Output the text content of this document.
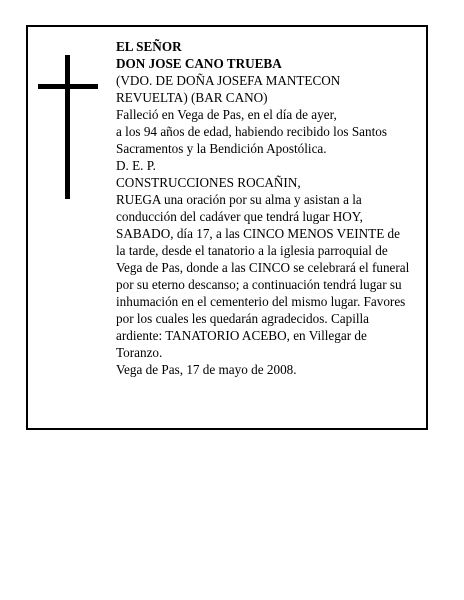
EL SEÑOR
DON JOSE CANO TRUEBA
(VDO. DE DOÑA JOSEFA MANTECON
REVUELTA) (BAR CANO)
Falleció en Vega de Pas, en el día de ayer,
a los 94 años de edad, habiendo recibido los Santos
Sacramentos y la Bendición Apostólica.
D. E. P.
CONSTRUCCIONES ROCAÑIN,
RUEGA una oración por su alma y asistan a la
conducción del cadáver que tendrá lugar HOY,
SABADO, día 17, a las CINCO MENOS VEINTE de
la tarde, desde el tanatorio a la iglesia parroquial de
Vega de Pas, donde a las CINCO se celebrará el funeral
por su eterno descanso; a continuación tendrá lugar su
inhumación en el cementerio del mismo lugar. Favores
por los cuales les quedarán agradecidos. Capilla
ardiente: TANATORIO ACEBO, en Villegar de
Toranzo.
Vega de Pas, 17 de mayo de 2008.
